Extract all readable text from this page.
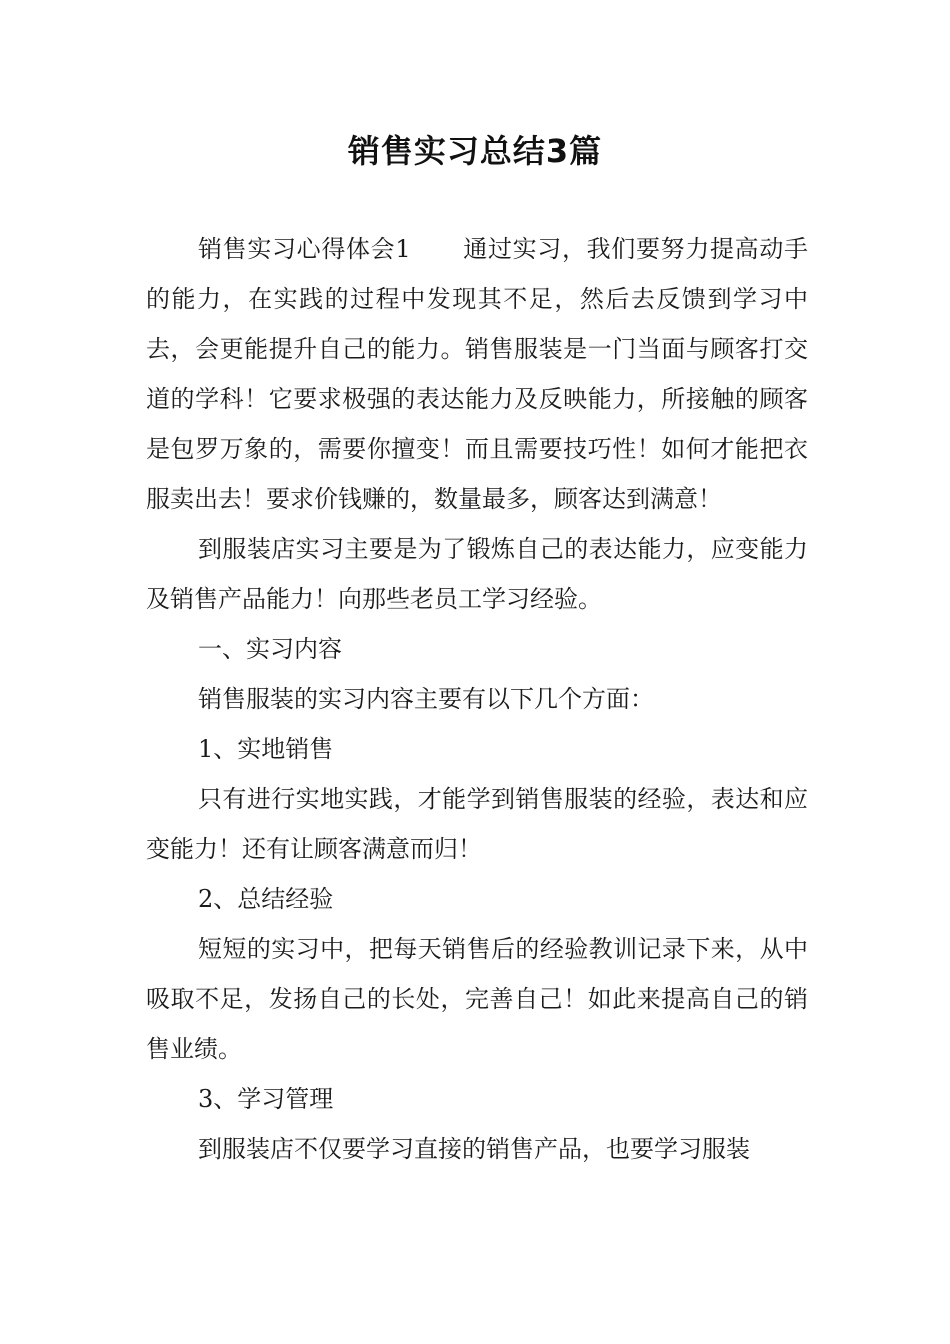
销售实习总结3篇

销售实习心得体会1 通过实习，我们要努力提高动手的能力，在实践的过程中发现其不足，然后去反馈到学习中去，会更能提升自己的能力。销售服装是一门当面与顾客打交道的学科！它要求极强的表达能力及反映能力，所接触的顾客是包罗万象的，需要你擅变！而且需要技巧性！如何才能把衣服卖出去！要求价钱赚的，数量最多，顾客达到满意！

到服装店实习主要是为了锻炼自己的表达能力，应变能力及销售产品能力！向那些老员工学习经验。

一、实习内容

销售服装的实习内容主要有以下几个方面：

1、实地销售

只有进行实地实践，才能学到销售服装的经验，表达和应变能力！还有让顾客满意而归！

2、总结经验

短短的实习中，把每天销售后的经验教训记录下来，从中吸取不足，发扬自己的长处，完善自己！如此来提高自己的销售业绩。

3、学习管理

到服装店不仅要学习直接的销售产品，也要学习服装
